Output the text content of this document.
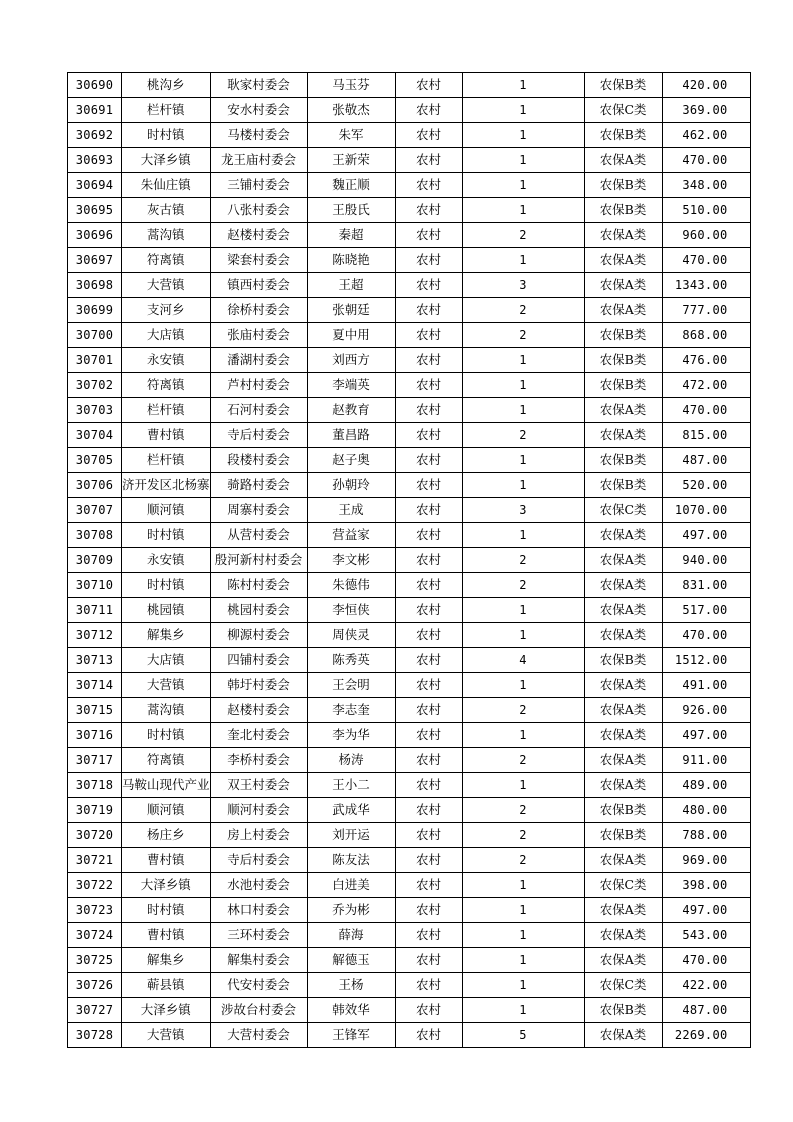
30690	桃沟乡	耿家村委会	马玉芬	农村	1	农保B类	420.00
30691	栏杆镇	安水村委会	张敬杰	农村	1	农保C类	369.00
30692	时村镇	马楼村委会	朱军	农村	1	农保B类	462.00
30693	大泽乡镇	龙王庙村委会	王新荣	农村	1	农保A类	470.00
30694	朱仙庄镇	三铺村委会	魏正顺	农村	1	农保B类	348.00
30695	灰古镇	八张村委会	王殷氏	农村	1	农保B类	510.00
30696	蒿沟镇	赵楼村委会	秦超	农村	2	农保A类	960.00
30697	符离镇	梁套村委会	陈晓艳	农村	1	农保A类	470.00
30698	大营镇	镇西村委会	王超	农村	3	农保A类	1343.00
30699	支河乡	徐桥村委会	张朝廷	农村	2	农保A类	777.00
30700	大店镇	张庙村委会	夏中用	农村	2	农保B类	868.00
30701	永安镇	潘湖村委会	刘西方	农村	1	农保B类	476.00
30702	符离镇	芦村村委会	李端英	农村	1	农保B类	472.00
30703	栏杆镇	石河村委会	赵教育	农村	1	农保A类	470.00
30704	曹村镇	寺后村委会	董昌路	农村	2	农保A类	815.00
30705	栏杆镇	段楼村委会	赵子奥	农村	1	农保B类	487.00
30706	济开发区北杨寨	骑路村委会	孙朝玲	农村	1	农保B类	520.00
30707	顺河镇	周寨村委会	王成	农村	3	农保C类	1070.00
30708	时村镇	从营村委会	营益家	农村	1	农保A类	497.00
30709	永安镇	殷河新村村委会	李文彬	农村	2	农保A类	940.00
30710	时村镇	陈村村委会	朱德伟	农村	2	农保A类	831.00
30711	桃园镇	桃园村委会	李恒侠	农村	1	农保A类	517.00
30712	解集乡	柳源村委会	周侠灵	农村	1	农保A类	470.00
30713	大店镇	四铺村委会	陈秀英	农村	4	农保B类	1512.00
30714	大营镇	韩圩村委会	王会明	农村	1	农保A类	491.00
30715	蒿沟镇	赵楼村委会	李志奎	农村	2	农保A类	926.00
30716	时村镇	奎北村委会	李为华	农村	1	农保A类	497.00
30717	符离镇	李桥村委会	杨涛	农村	2	农保A类	911.00
30718	马鞍山现代产业	双王村委会	王小二	农村	1	农保A类	489.00
30719	顺河镇	顺河村委会	武成华	农村	2	农保B类	480.00
30720	杨庄乡	房上村委会	刘开运	农村	2	农保B类	788.00
30721	曹村镇	寺后村委会	陈友法	农村	2	农保A类	969.00
30722	大泽乡镇	水池村委会	白进美	农村	1	农保C类	398.00
30723	时村镇	林口村委会	乔为彬	农村	1	农保A类	497.00
30724	曹村镇	三环村委会	薛海	农村	1	农保A类	543.00
30725	解集乡	解集村委会	解德玉	农村	1	农保A类	470.00
30726	蕲县镇	代安村委会	王杨	农村	1	农保C类	422.00
30727	大泽乡镇	涉故台村委会	韩效华	农村	1	农保B类	487.00
30728	大营镇	大营村委会	王锋军	农村	5	农保A类	2269.00
